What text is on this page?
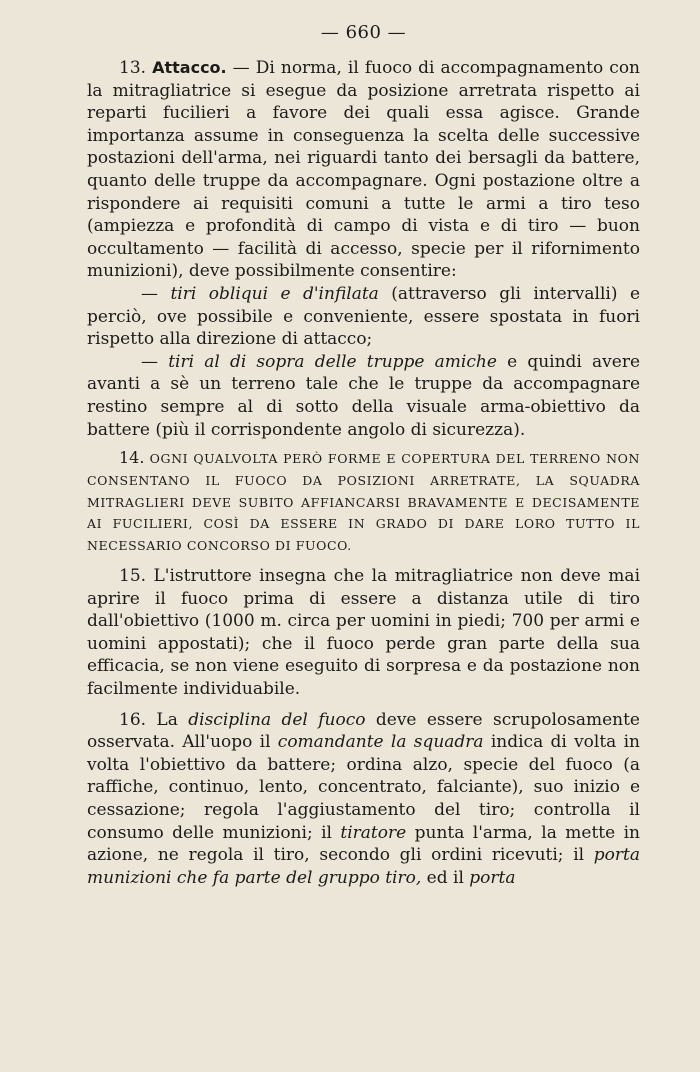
— 660 —

13. Attacco. — Di norma, il fuoco di accompagnamento con la mitragliatrice si esegue da posizione arretrata rispetto ai reparti fucilieri a favore dei quali essa agisce. Grande importanza assume in conseguenza la scelta delle successive postazioni dell'arma, nei riguardi tanto dei bersagli da battere, quanto delle truppe da accompagnare. Ogni postazione oltre a rispondere ai requisiti comuni a tutte le armi a tiro teso (ampiezza e profondità di campo di vista e di tiro — buon occultamento — facilità di accesso, specie per il rifornimento munizioni), deve possibilmente consentire:

— tiri obliqui e d'infilata (attraverso gli intervalli) e perciò, ove possibile e conveniente, essere spostata in fuori rispetto alla direzione di attacco;

— tiri al di sopra delle truppe amiche e quindi avere avanti a sè un terreno tale che le truppe da accompagnare restino sempre al di sotto della visuale arma-obiettivo da battere (più il corrispondente angolo di sicurezza).

14. OGNI QUALVOLTA PERÒ FORME E COPERTURA DEL TERRENO NON CONSENTANO IL FUOCO DA POSIZIONI ARRETRATE, LA SQUADRA MITRAGLIERI DEVE SUBITO AFFIANCARSI BRAVAMENTE E DECISAMENTE AI FUCILIERI, COSÌ DA ESSERE IN GRADO DI DARE LORO TUTTO IL NECESSARIO CONCORSO DI FUOCO.

15. L'istruttore insegna che la mitragliatrice non deve mai aprire il fuoco prima di essere a distanza utile di tiro dall'obiettivo (1000 m. circa per uomini in piedi; 700 per armi e uomini appostati); che il fuoco perde gran parte della sua efficacia, se non viene eseguito di sorpresa e da postazione non facilmente individuabile.

16. La disciplina del fuoco deve essere scrupolosamente osservata. All'uopo il comandante la squadra indica di volta in volta l'obiettivo da battere; ordina alzo, specie del fuoco (a raffiche, continuo, lento, concentrato, falciante), suo inizio e cessazione; regola l'aggiustamento del tiro; controlla il consumo delle munizioni; il tiratore punta l'arma, la mette in azione, ne regola il tiro, secondo gli ordini ricevuti; il porta munizioni che fa parte del gruppo tiro, ed il porta
